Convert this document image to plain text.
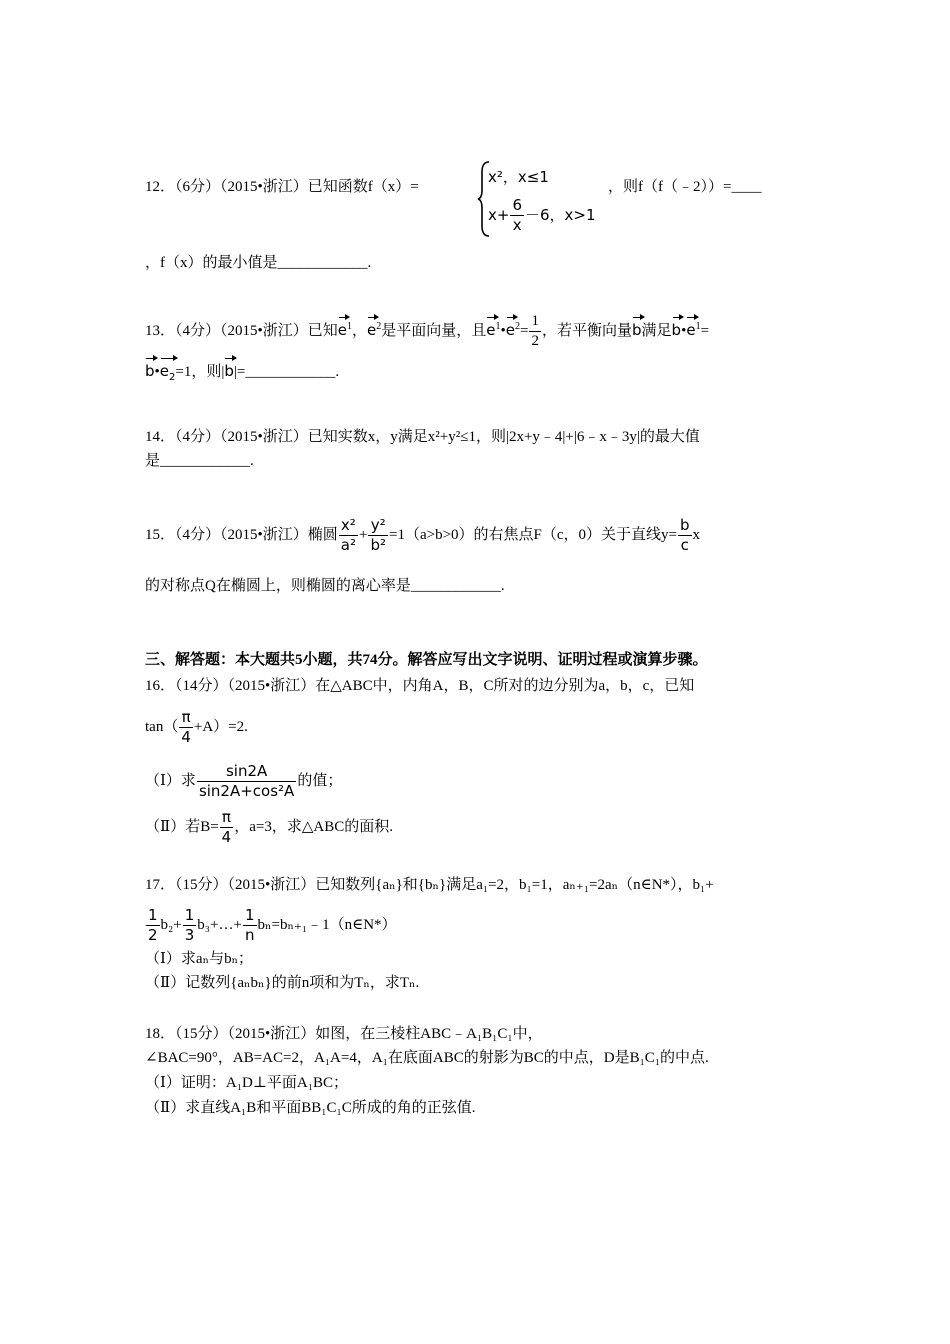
12．（6分）（2015•浙江）已知函数f（x）=
x²，x≤1
$x+ \frac{6}{x} -6$，x>1
，则f（f（﹣2））=____
，f（x）的最小值是____________.
13．（4分）（2015•浙江）已知$e^1$，$e^2$是平面向量，且$e^1•e^2= \frac{1}{2}$ ，若平衡向量b满足$b•e^1=$
$b•e_2=1$，则|b|=____________.
14．（4分）（2015•浙江）已知实数x，y满足x²+y²≤1，则|2x+y﹣4|+|6﹣x﹣3y|的最大值
是____________.
15．（4分）（2015•浙江）椭圆 $\frac{\text{x²}}{\text{a²}} + \frac{\text{y²}}{\text{b²}} =1(a>b>0)$的右焦点F（c，0）关于直线$y= \frac{b}{c}$ x
的对称点Q在椭圆上，则椭圆的离心率是____________.
三、解答题：本大题共5小题，共74分。解答应写出文字说明、证明过程或演算步骤。
16．（14分）（2015•浙江）在△ABC中，内角A，B，C所对的边分别为a，b，c，已知
$\tan( \frac{\pi}{4} +A)=2$.
（Ⅰ）求 $\frac{\sin 2A}{\text{sin2A+cos²A}}$ 的值；
（Ⅱ）若$B= \frac{\pi}{4}$ ，a=3，求△ABC的面积.
17．（15分）（2015•浙江）已知数列{aₙ}和{bₙ}满足a₁=2，b₁=1，aₙ₊₁=2aₙ（n∈N*），b₁+
$\frac{1}{2} b_2+ \frac{1}{3}$ b₃+…+ $\frac{1}{n}$ bₙ=bₙ₊₁﹣1（n∈N*）
（Ⅰ）求aₙ与bₙ；
（Ⅱ）记数列{aₙbₙ}的前n项和为Tₙ，求Tₙ.
18．（15分）（2015•浙江）如图，在三棱柱ABC﹣A₁B₁C₁中，
∠BAC=90°，AB=AC=2，A₁A=4，A₁在底面ABC的射影为BC的中点，D是B₁C₁的中点.
（Ⅰ）证明：A₁D⊥平面A₁BC；
（Ⅱ）求直线A₁B和平面BB₁C₁C所成的角的正弦值.
